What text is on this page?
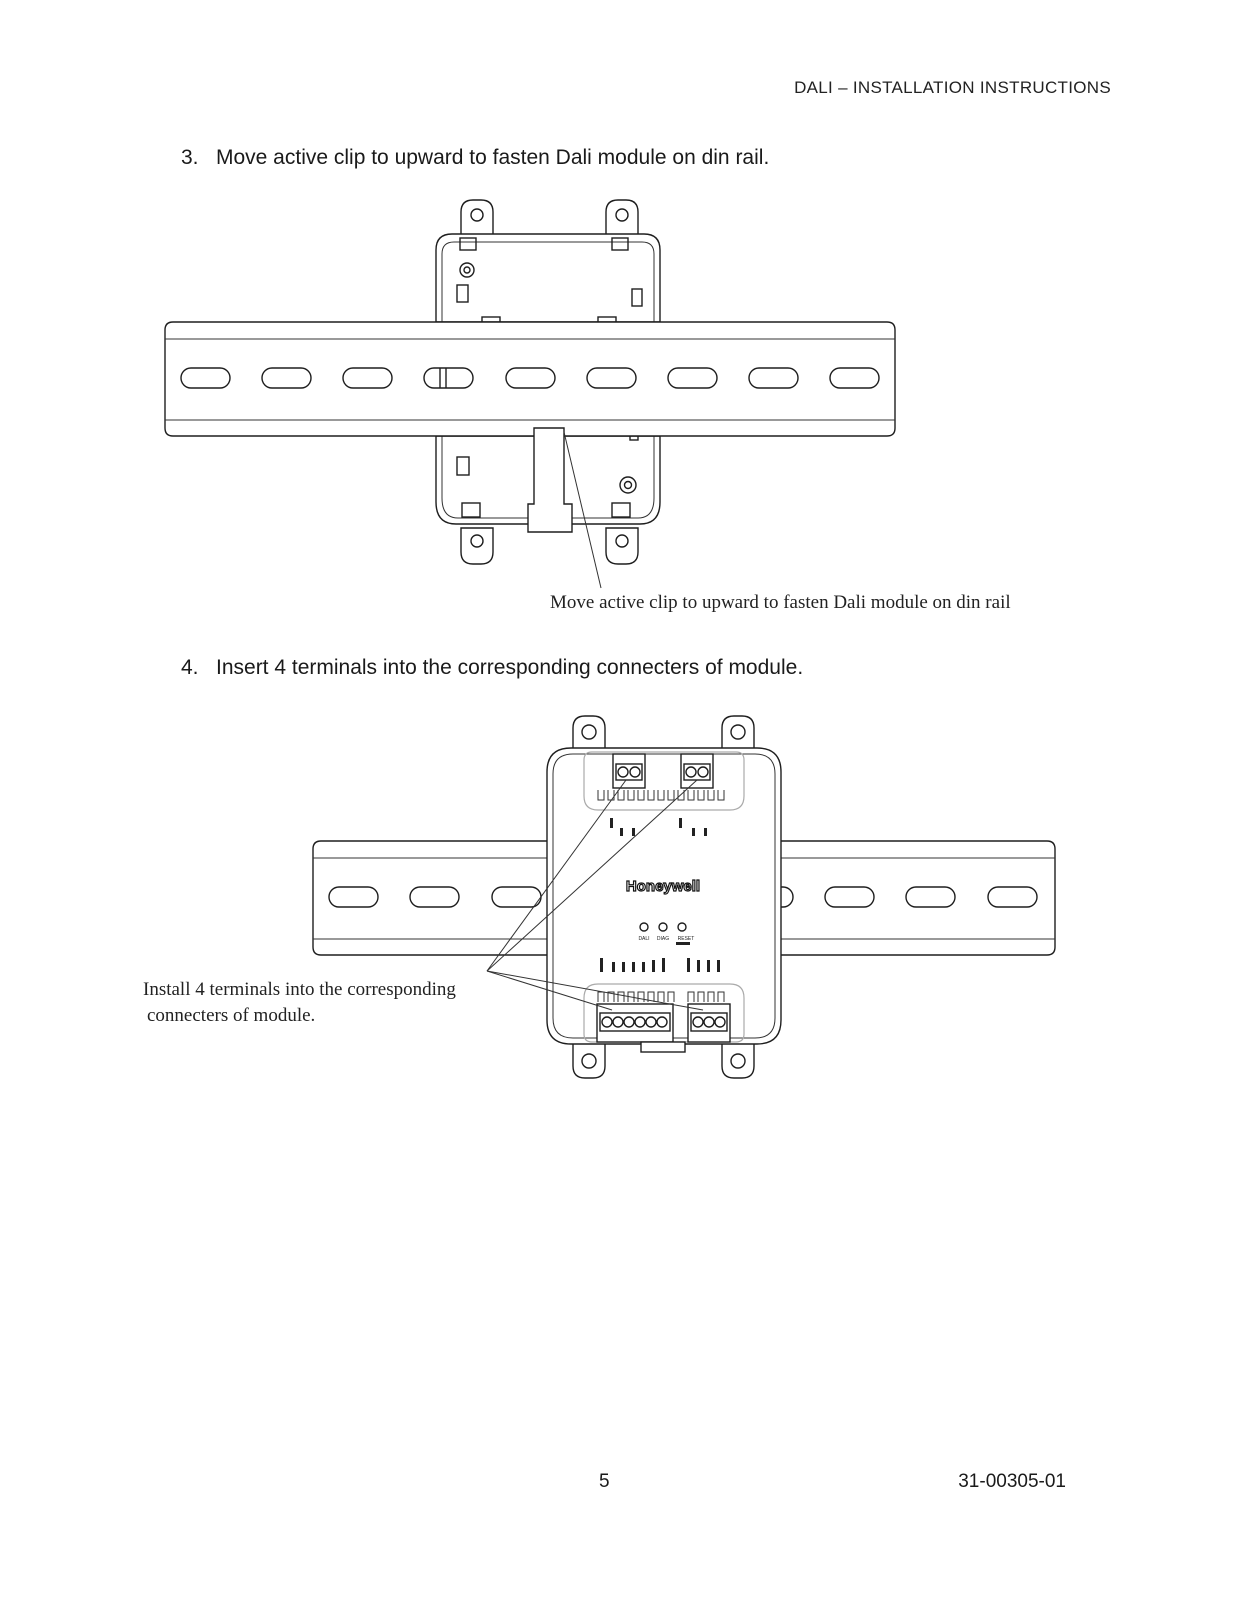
DALI – INSTALLATION INSTRUCTIONS
3. Move active clip to upward to fasten Dali module on din rail.
4. Insert 4 terminals into the corresponding connecters of module.
Move active clip to upward to fasten Dali module on din rail
Honeywell
DALI DIAG RESET
Install 4 terminals into the corresponding
connecters of module.
5	31-00305-01
